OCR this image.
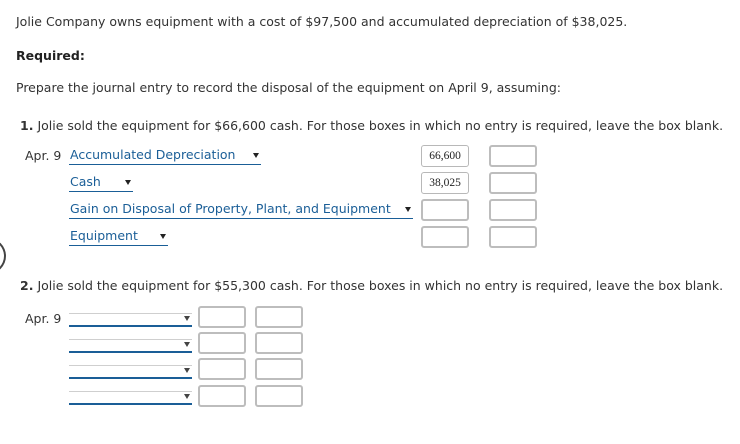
Jolie Company owns equipment with a cost of $97,500 and accumulated depreciation of $38,025.
Required:
Prepare the journal entry to record the disposal of the equipment on April 9, assuming:
1. Jolie sold the equipment for $66,600 cash. For those boxes in which no entry is required, leave the box blank.
Apr. 9 Accumulated Depreciation	66,600
Cash	38,025
Gain on Disposal of Property, Plant, and Equipment
Equipment
2. Jolie sold the equipment for $55,300 cash. For those boxes in which no entry is required, leave the box blank.
Apr. 9
